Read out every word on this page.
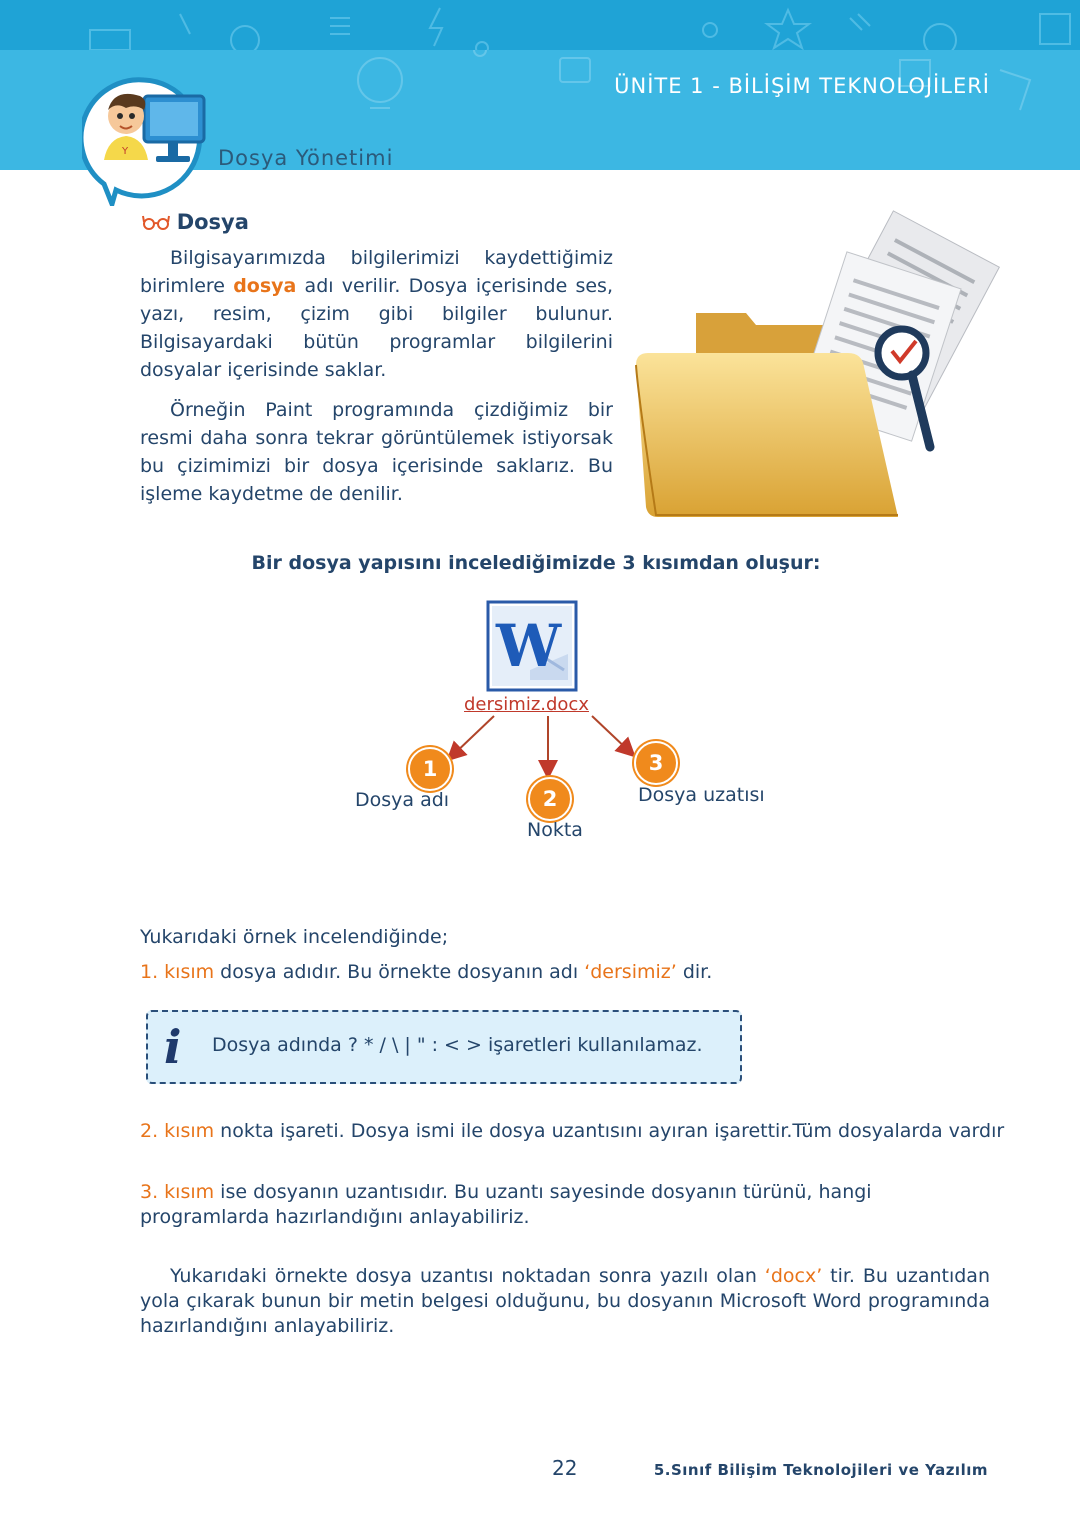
ÜNİTE 1 - BİLİŞİM TEKNOLOJİLERİ
Y	Dosya Yönetimi
Dosya
Bilgisayarımızda bilgilerimizi kaydettiğimiz birimlere dosya adı verilir. Dosya içerisinde ses, yazı, resim, çizim gibi bilgiler bulunur. Bilgisayardaki bütün programlar bilgilerini dosyalar içerisinde saklar.
Örneğin Paint programında çizdiğimiz bir resmi daha sonra tekrar görüntülemek istiyorsak bu çizimimizi bir dosya içerisinde saklarız. Bu işleme kaydetme de denilir.
Bir dosya yapısını incelediğimizde 3 kısımdan oluşur:
W
dersimiz.docx
1
Dosya adı	2
Nokta
3
Dosya uzatısı
Yukarıdaki örnek incelendiğinde;
1. kısım dosya adıdır. Bu örnekte dosyanın adı ‘dersimiz’ dir.
i Dosya adında ? * / \ | " : < > işaretleri kullanılamaz.
2. kısım nokta işareti. Dosya ismi ile dosya uzantısını ayıran işarettir.Tüm dosyalarda vardır
3. kısım ise dosyanın uzantısıdır. Bu uzantı sayesinde dosyanın türünü, hangi programlarda hazırlandığını anlayabiliriz.
Yukarıdaki örnekte dosya uzantısı noktadan sonra yazılı olan ‘docx’ tir. Bu uzantıdan yola çıkarak bunun bir metin belgesi olduğunu, bu dosyanın Microsoft Word programında hazırlandığını anlayabiliriz.
22	5.Sınıf Bilişim Teknolojileri ve Yazılım
